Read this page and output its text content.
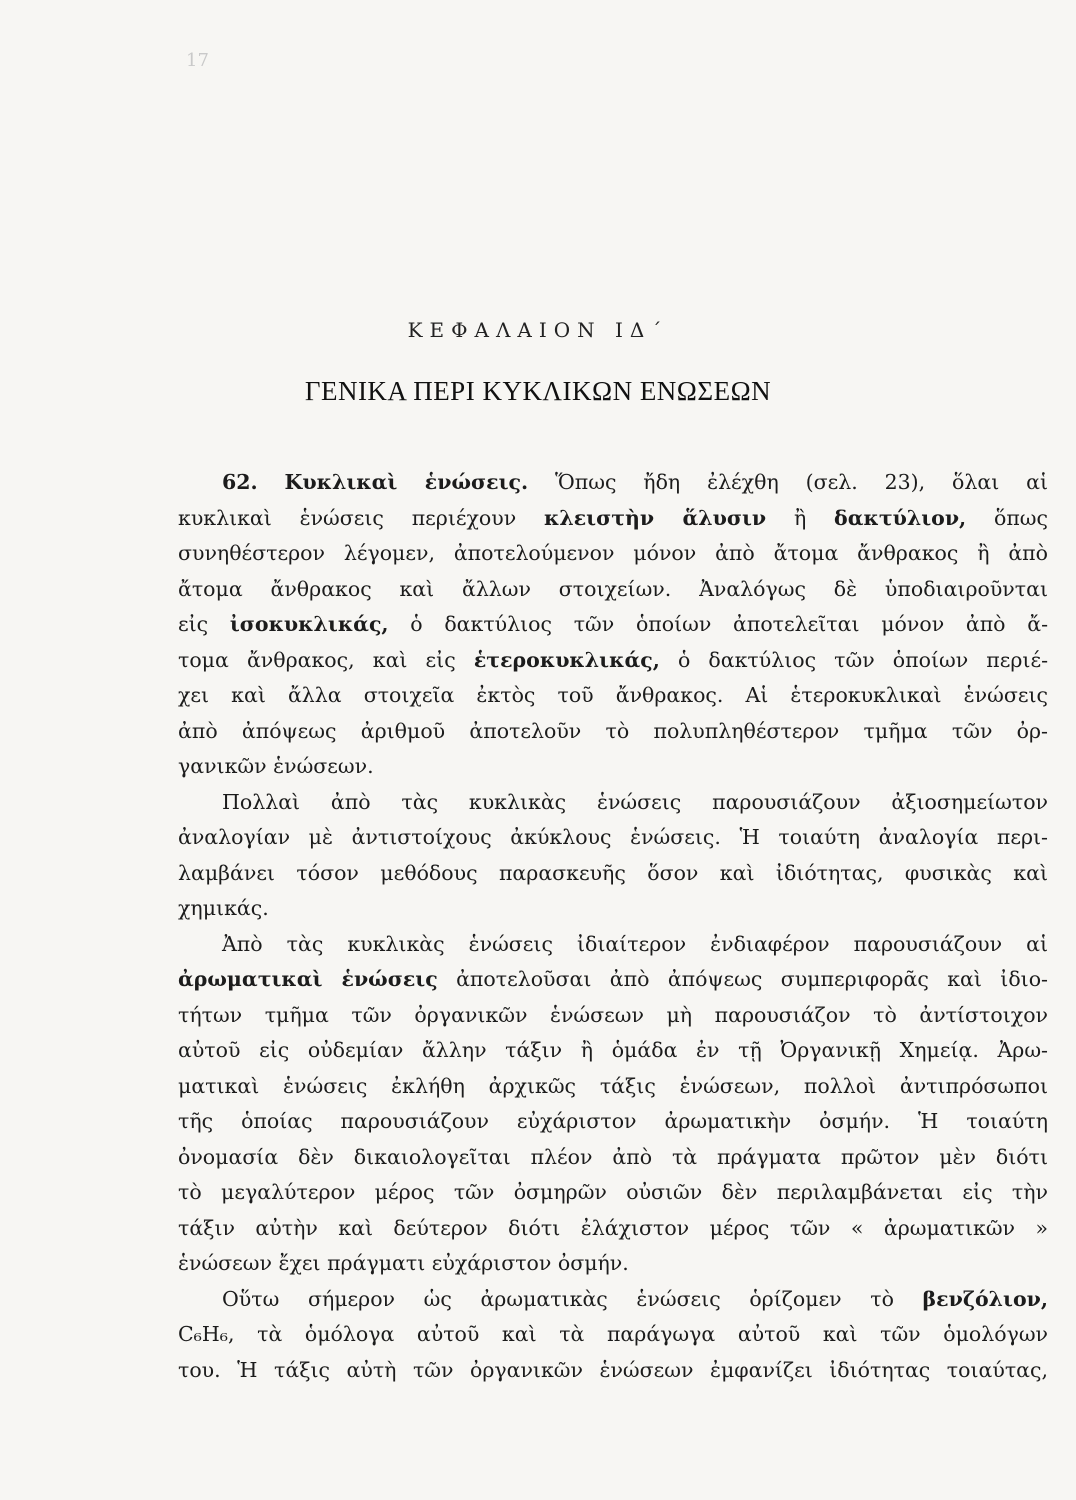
17
ΚΕΦΑΛΑΙΟΝ ΙΔ΄
ΓΕΝΙΚΑ ΠΕΡΙ ΚΥΚΛΙΚΩΝ ΕΝΩΣΕΩΝ
62. Κυκλικαὶ ἑνώσεις. Ὅπως ἤδη ἐλέχθη (σελ. 23), ὅλαι αἱ
κυκλικαὶ ἑνώσεις περιέχουν κλειστὴν ἅλυσιν ἢ δακτύλιον, ὅπως
συνηθέστερον λέγομεν, ἀποτελούμενον μόνον ἀπὸ ἄτομα ἄνθρακος ἢ ἀπὸ
ἄτομα ἄνθρακος καὶ ἄλλων στοιχείων. Ἀναλόγως δὲ ὑποδιαιροῦνται
εἰς ἰσοκυκλικάς, ὁ δακτύλιος τῶν ὁποίων ἀποτελεῖται μόνον ἀπὸ ἄ-
τομα ἄνθρακος, καὶ εἰς ἑτεροκυκλικάς, ὁ δακτύλιος τῶν ὁποίων περιέ-
χει καὶ ἄλλα στοιχεῖα ἐκτὸς τοῦ ἄνθρακος. Αἱ ἑτεροκυκλικαὶ ἑνώσεις
ἀπὸ ἀπόψεως ἀριθμοῦ ἀποτελοῦν τὸ πολυπληθέστερον τμῆμα τῶν ὀρ-
γανικῶν ἑνώσεων.
Πολλαὶ ἀπὸ τὰς κυκλικὰς ἑνώσεις παρουσιάζουν ἀξιοσημείωτον
ἀναλογίαν μὲ ἀντιστοίχους ἀκύκλους ἑνώσεις. Ἡ τοιαύτη ἀναλογία περι-
λαμβάνει τόσον μεθόδους παρασκευῆς ὅσον καὶ ἰδιότητας, φυσικὰς καὶ
χημικάς.
Ἀπὸ τὰς κυκλικὰς ἑνώσεις ἰδιαίτερον ἐνδιαφέρον παρουσιάζουν αἱ
ἀρωματικαὶ ἑνώσεις ἀποτελοῦσαι ἀπὸ ἀπόψεως συμπεριφορᾶς καὶ ἰδιο-
τήτων τμῆμα τῶν ὀργανικῶν ἑνώσεων μὴ παρουσιάζον τὸ ἀντίστοιχον
αὐτοῦ εἰς οὐδεμίαν ἄλλην τάξιν ἢ ὁμάδα ἐν τῇ Ὀργανικῇ Χημείᾳ. Ἀρω-
ματικαὶ ἑνώσεις ἐκλήθη ἀρχικῶς τάξις ἑνώσεων, πολλοὶ ἀντιπρόσωποι
τῆς ὁποίας παρουσιάζουν εὐχάριστον ἀρωματικὴν ὀσμήν. Ἡ τοιαύτη
ὀνομασία δὲν δικαιολογεῖται πλέον ἀπὸ τὰ πράγματα πρῶτον μὲν διότι
τὸ μεγαλύτερον μέρος τῶν ὀσμηρῶν οὐσιῶν δὲν περιλαμβάνεται εἰς τὴν
τάξιν αὐτὴν καὶ δεύτερον διότι ἐλάχιστον μέρος τῶν « ἀρωματικῶν »
ἑνώσεων ἔχει πράγματι εὐχάριστον ὀσμήν.
Οὕτω σήμερον ὡς ἀρωματικὰς ἑνώσεις ὁρίζομεν τὸ βενζόλιον,
C₆H₆, τὰ ὁμόλογα αὐτοῦ καὶ τὰ παράγωγα αὐτοῦ καὶ τῶν ὁμολόγων
του. Ἡ τάξις αὐτὴ τῶν ὀργανικῶν ἑνώσεων ἐμφανίζει ἰδιότητας τοιαύτας,
